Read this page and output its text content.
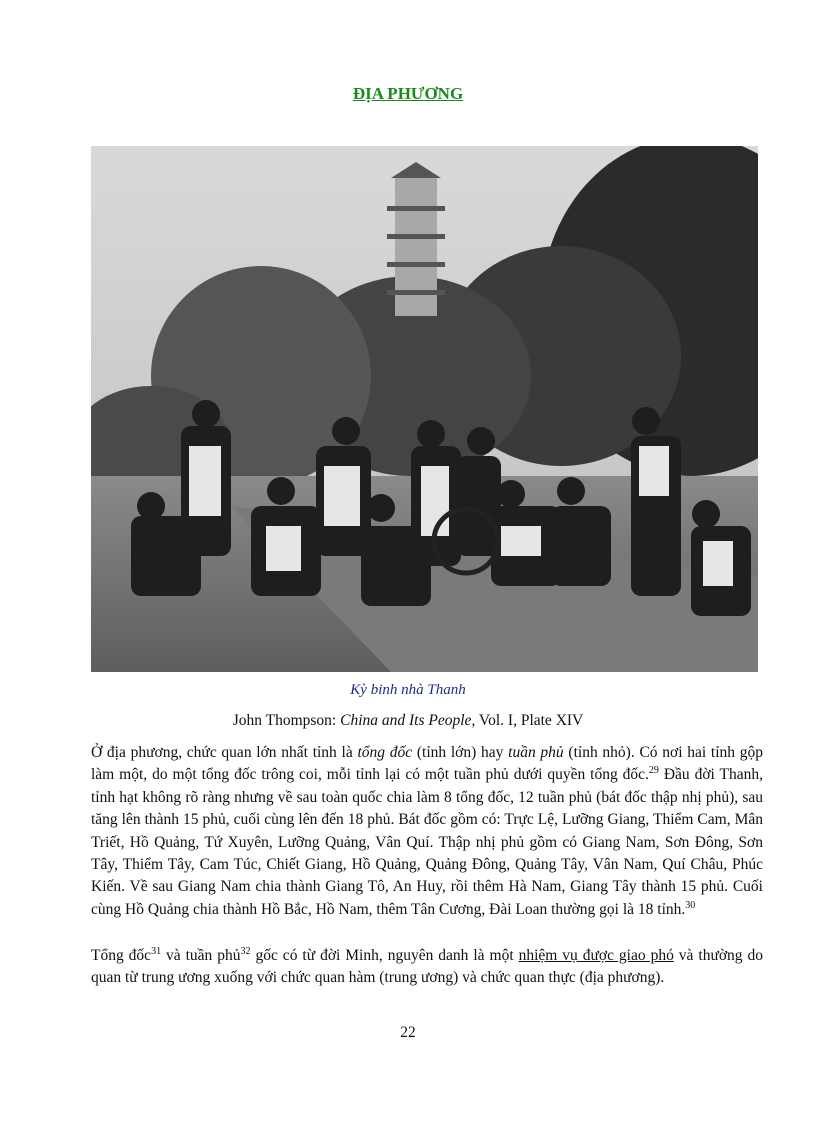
ĐỊA PHƯƠNG
Kỳ binh nhà Thanh
John Thompson: China and Its People, Vol. I, Plate XIV
Ở địa phương, chức quan lớn nhất tỉnh là tổng đốc (tỉnh lớn) hay tuần phủ (tỉnh nhỏ). Có nơi hai tỉnh gộp làm một, do một tổng đốc trông coi, mỗi tỉnh lại có một tuần phủ dưới quyền tổng đốc.$^{29}$ Đầu đời Thanh, tỉnh hạt không rõ ràng nhưng về sau toàn quốc chia làm 8 tổng đốc, 12 tuần phủ (bát đốc thập nhị phủ), sau tăng lên thành 15 phủ, cuối cùng lên đến 18 phủ. Bát đốc gồm có: Trực Lệ, Lưỡng Giang, Thiểm Cam, Mân Triết, Hồ Quảng, Tứ Xuyên, Lưỡng Quảng, Vân Quí. Thập nhị phủ gồm có Giang Nam, Sơn Đông, Sơn Tây, Thiểm Tây, Cam Túc, Chiết Giang, Hồ Quảng, Quảng Đông, Quảng Tây, Vân Nam, Quí Châu, Phúc Kiến. Về sau Giang Nam chia thành Giang Tô, An Huy, rồi thêm Hà Nam, Giang Tây thành 15 phủ. Cuối cùng Hồ Quảng chia thành Hồ Bắc, Hồ Nam, thêm Tân Cương, Đài Loan thường gọi là 18 tỉnh.$^{30}$
Tổng đốc$^{31}$ và tuần phủ$^{32}$ gốc có từ đời Minh, nguyên danh là một nhiệm vụ được giao phó và thường do quan từ trung ương xuống với chức quan hàm (trung ương) và chức quan thực (địa phương).
22
